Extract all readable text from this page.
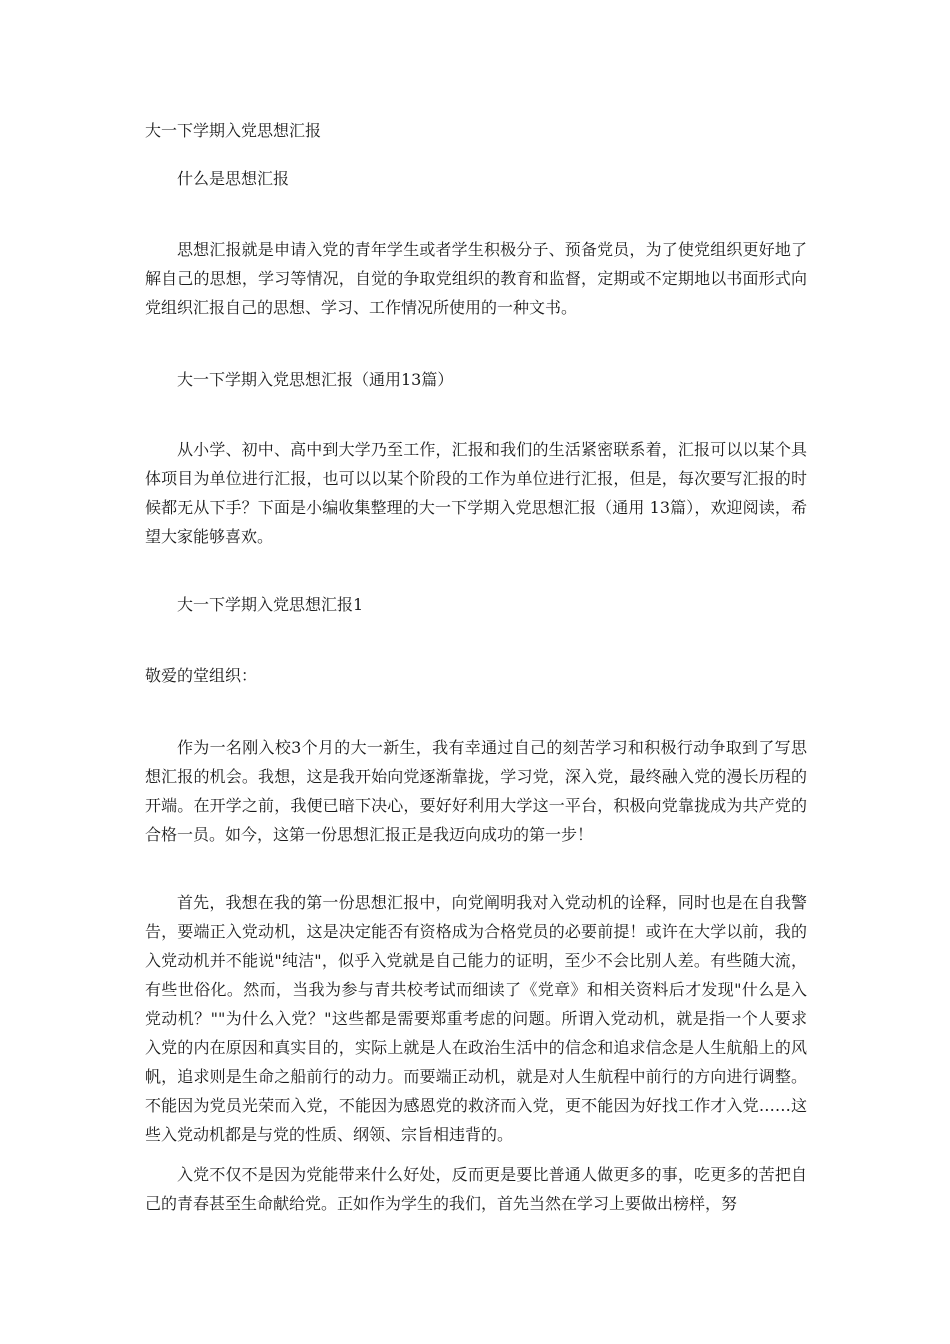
大一下学期入党思想汇报
什么是思想汇报
思想汇报就是申请入党的青年学生或者学生积极分子、预备党员，为了使党组织更好地了解自己的思想，学习等情况，自觉的争取党组织的教育和监督，定期或不定期地以书面形式向党组织汇报自己的思想、学习、工作情况所使用的一种文书。
大一下学期入党思想汇报（通用13篇）
从小学、初中、高中到大学乃至工作，汇报和我们的生活紧密联系着，汇报可以以某个具体项目为单位进行汇报，也可以以某个阶段的工作为单位进行汇报，但是，每次要写汇报的时候都无从下手？下面是小编收集整理的大一下学期入党思想汇报（通用 13篇），欢迎阅读，希望大家能够喜欢。
大一下学期入党思想汇报1
敬爱的堂组织：
作为一名刚入校3个月的大一新生，我有幸通过自己的刻苦学习和积极行动争取到了写思想汇报的机会。我想，这是我开始向党逐渐靠拢，学习党，深入党，最终融入党的漫长历程的开端。在开学之前，我便已暗下决心，要好好利用大学这一平台，积极向党靠拢成为共产党的合格一员。如今，这第一份思想汇报正是我迈向成功的第一步！
首先，我想在我的第一份思想汇报中，向党阐明我对入党动机的诠释，同时也是在自我警告，要端正入党动机，这是决定能否有资格成为合格党员的必要前提！或许在大学以前，我的入党动机并不能说"纯洁"，似乎入党就是自己能力的证明，至少不会比别人差。有些随大流，有些世俗化。然而，当我为参与青共校考试而细读了《党章》和相关资料后才发现"什么是入党动机？""为什么入党？"这些都是需要郑重考虑的问题。所谓入党动机，就是指一个人要求入党的内在原因和真实目的，实际上就是人在政治生活中的信念和追求信念是人生航船上的风帆，追求则是生命之船前行的动力。而要端正动机，就是对人生航程中前行的方向进行调整。不能因为党员光荣而入党，不能因为感恩党的救济而入党，更不能因为好找工作才入党……这些入党动机都是与党的性质、纲领、宗旨相违背的。
入党不仅不是因为党能带来什么好处，反而更是要比普通人做更多的事，吃更多的苦把自己的青春甚至生命献给党。正如作为学生的我们，首先当然在学习上要做出榜样，努
